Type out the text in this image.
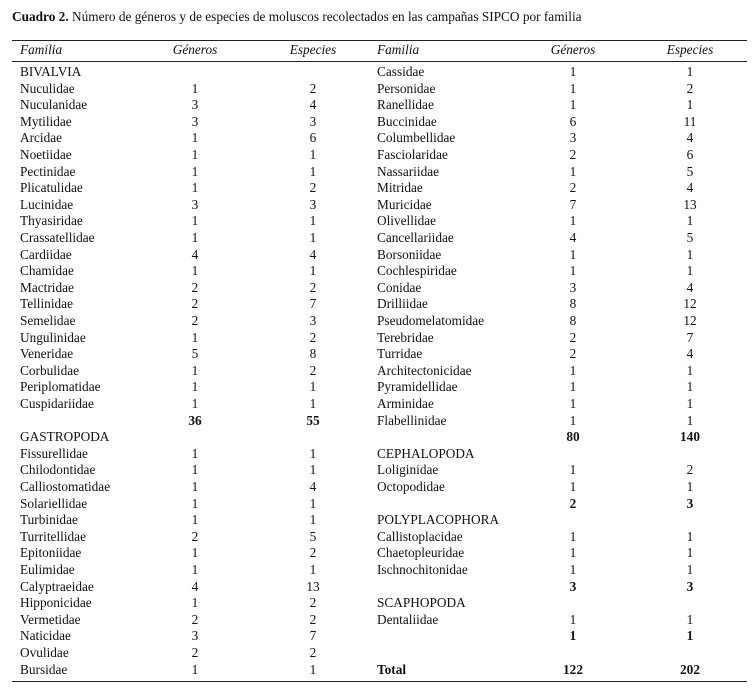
Cuadro 2. Número de géneros y de especies de moluscos recolectados en las campañas SIPCO por familia
Familia	Géneros	Especies
BIVALVIA
Nuculidae	1	2
Nuculanidae	3	4
Mytilidae	3	3
Arcidae	1	6
Noetiidae	1	1
Pectinidae	1	1
Plicatulidae	1	2
Lucinidae	3	3
Thyasiridae	1	1
Crassatellidae	1	1
Cardiidae	4	4
Chamidae	1	1
Mactridae	2	2
Tellinidae	2	7
Semelidae	2	3
Ungulinidae	1	2
Veneridae	5	8
Corbulidae	1	2
Periplomatidae	1	1
Cuspidariidae	1	1
36	55
GASTROPODA
Fissurellidae	1	1
Chilodontidae	1	1
Calliostomatidae	1	4
Solariellidae	1	1
Turbinidae	1	1
Turritellidae	2	5
Epitoniidae	1	2
Eulimidae	1	1
Calyptraeidae	4	13
Hipponicidae	1	2
Vermetidae	2	2
Naticidae	3	7
Ovulidae	2	2
Bursidae	1	1
Familia	Géneros	Especies
Cassidae	1	1
Personidae	1	2
Ranellidae	1	1
Buccinidae	6	11
Columbellidae	3	4
Fasciolaridae	2	6
Nassariidae	1	5
Mitridae	2	4
Muricidae	7	13
Olivellidae	1	1
Cancellariidae	4	5
Borsoniidae	1	1
Cochlespiridae	1	1
Conidae	3	4
Drilliidae	8	12
Pseudomelatomidae	8	12
Terebridae	2	7
Turridae	2	4
Architectonicidae	1	1
Pyramidellidae	1	1
Arminidae	1	1
Flabellinidae	1	1
80	140
CEPHALOPODA
Loliginidae	1	2
Octopodidae	1	1
2	3
POLYPLACOPHORA
Callistoplacidae	1	1
Chaetopleuridae	1	1
Ischnochitonidae	1	1
3	3
SCAPHOPODA
Dentaliidae	1	1
1	1
Total	122	202
